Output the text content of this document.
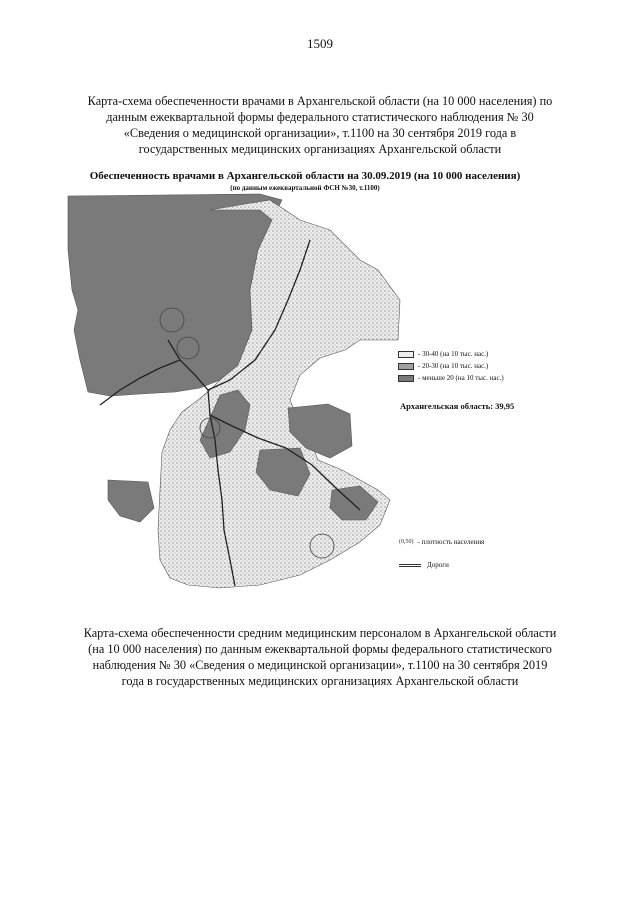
1509
Карта-схема обеспеченности врачами в Архангельской области (на 10 000 населения) по
данным ежеквартальной формы федерального статистического наблюдения № 30
«Сведения о медицинской организации», т.1100 на 30 сентября 2019 года в
государственных медицинских организациях Архангельской области
Обеспеченность врачами в Архангельской области на 30.09.2019 (на 10 000 населения)
(по данным ежеквартальной ФСН №30, т.1100)
- 30-40 (на 10 тыс. нас.)
- 20-30 (на 10 тыс. нас.)
- меньше 20 (на 10 тыс. нас.)
Архангельская область: 39,95
(0,50) - плотность населения
Дороги
Карта-схема обеспеченности средним медицинским персоналом в Архангельской области
(на 10 000 населения) по данным ежеквартальной формы федерального статистического
наблюдения № 30 «Сведения о медицинской организации», т.1100 на 30 сентября 2019
года в государственных медицинских организациях Архангельской области
